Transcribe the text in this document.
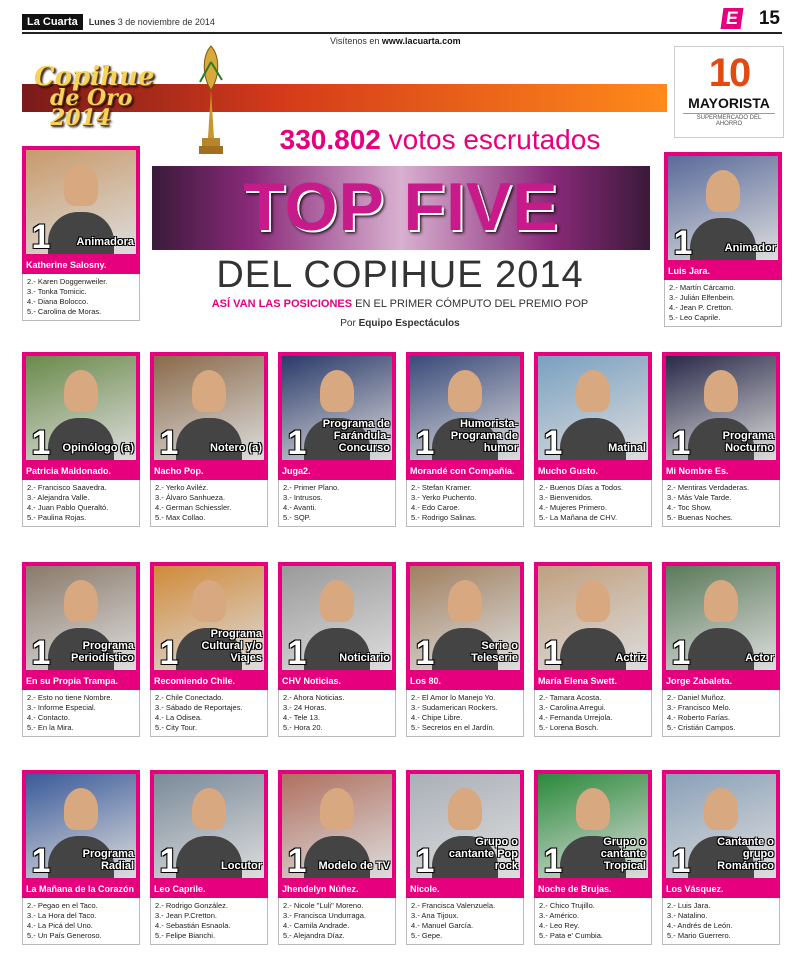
La Cuarta	Lunes 3 de noviembre de 2014	E 15
Visítenos en www.lacuarta.com
Copihue
de Oro 2014
10
MAYORISTA
SUPERMERCADO DEL AHORRO
330.802 votos escrutados
TOP FIVE
DEL COPIHUE 2014
ASÍ VAN LAS POSICIONES EN EL PRIMER CÓMPUTO DEL PREMIO POP
Por Equipo Espectáculos
1
LUGAR
Animadora
Katherine Salosny.
2.- Karen Doggenweiler.
3.- Tonka Tomicic.
4.- Diana Bolocco.
5.- Carolina de Moras.
1
LUGAR
Animador
Luis Jara.
2.- Martín Cárcamo.
3.- Julián Elfenbein.
4.- Jean P. Cretton.
5.- Leo Caprile.
1
LUGAR
Opinólogo (a)
Patricia Maldonado.
2.- Francisco Saavedra.
3.- Alejandra Valle.
4.- Juan Pablo Queraltó.
5.- Paulina Rojas.
1
LUGAR
Notero (a)
Nacho Pop.
2.- Yerko Aviléz.
3.- Álvaro Sanhueza.
4.- German Schiessler.
5.- Max Collao.
1
LUGAR
Programa de Farándula-Concurso
Juga2.
2.- Primer Plano.
3.- Intrusos.
4.- Avanti.
5.- SQP.
1
LUGAR
Humorista-Programa de humor
Morandé con Compañía.
2.- Stefan Kramer.
3.- Yerko Puchento.
4.- Edo Caroe.
5.- Rodrigo Salinas.
1
LUGAR
Matinal
Mucho Gusto.
2.- Buenos Días a Todos.
3.- Bienvenidos.
4.- Mujeres Primero.
5.- La Mañana de CHV.
1
LUGAR
Programa Nocturno
Mi Nombre Es.
2.- Mentiras Verdaderas.
3.- Más Vale Tarde.
4.- Toc Show.
5.- Buenas Noches.
1
LUGAR
Programa Periodístico
En su Propia Trampa.
2.- Esto no tiene Nombre.
3.- Informe Especial.
4.- Contacto.
5.- En la Mira.
1
LUGAR
Programa Cultural y/o Viajes
Recomiendo Chile.
2.- Chile Conectado.
3.- Sábado de Reportajes.
4.- La Odisea.
5.- City Tour.
1
LUGAR
Noticiario
CHV Noticias.
2.- Ahora Noticias.
3.- 24 Horas.
4.- Tele 13.
5.- Hora 20.
1
LUGAR
Serie o Teleserie
Los 80.
2.- El Amor lo Manejo Yo.
3.- Sudamerican Rockers.
4.- Chipe Libre.
5.- Secretos en el Jardín.
1
LUGAR
Actriz
María Elena Swett.
2.- Tamara Acosta.
3.- Carolina Arregui.
4.- Fernanda Urrejola.
5.- Lorena Bosch.
1
LUGAR
Actor
Jorge Zabaleta.
2.- Daniel Muñoz.
3.- Francisco Melo.
4.- Roberto Farías.
5.- Cristián Campos.
1
LUGAR
Programa Radial
La Mañana de la Corazón
2.- Pegao en el Taco.
3.- La Hora del Taco.
4.- La Picá del Uno.
5.- Un País Generoso.
1
LUGAR
Locutor
Leo Caprile.
2.- Rodrigo González.
3.- Jean P.Cretton.
4.- Sebastián Esnaola.
5.- Felipe Bianchi.
1
LUGAR
Modelo de TV
Jhendelyn Núñez.
2.- Nicole "Luli" Moreno.
3.- Francisca Undurraga.
4.- Camila Andrade.
5.- Alejandra Díaz.
1
LUGAR
Grupo o cantante Pop rock
Nicole.
2.- Francisca Valenzuela.
3.- Ana Tijoux.
4.- Manuel García.
5.- Gepe.
1
LUGAR
Grupo o cantante Tropical
Noche de Brujas.
2.- Chico Trujillo.
3.- Américo.
4.- Leo Rey.
5.- Pata e' Cumbia.
1
LUGAR
Cantante o grupo Romántico
Los Vásquez.
2.- Luis Jara.
3.- Natalino.
4.- Andrés de León.
5.- Mario Guerrero.
